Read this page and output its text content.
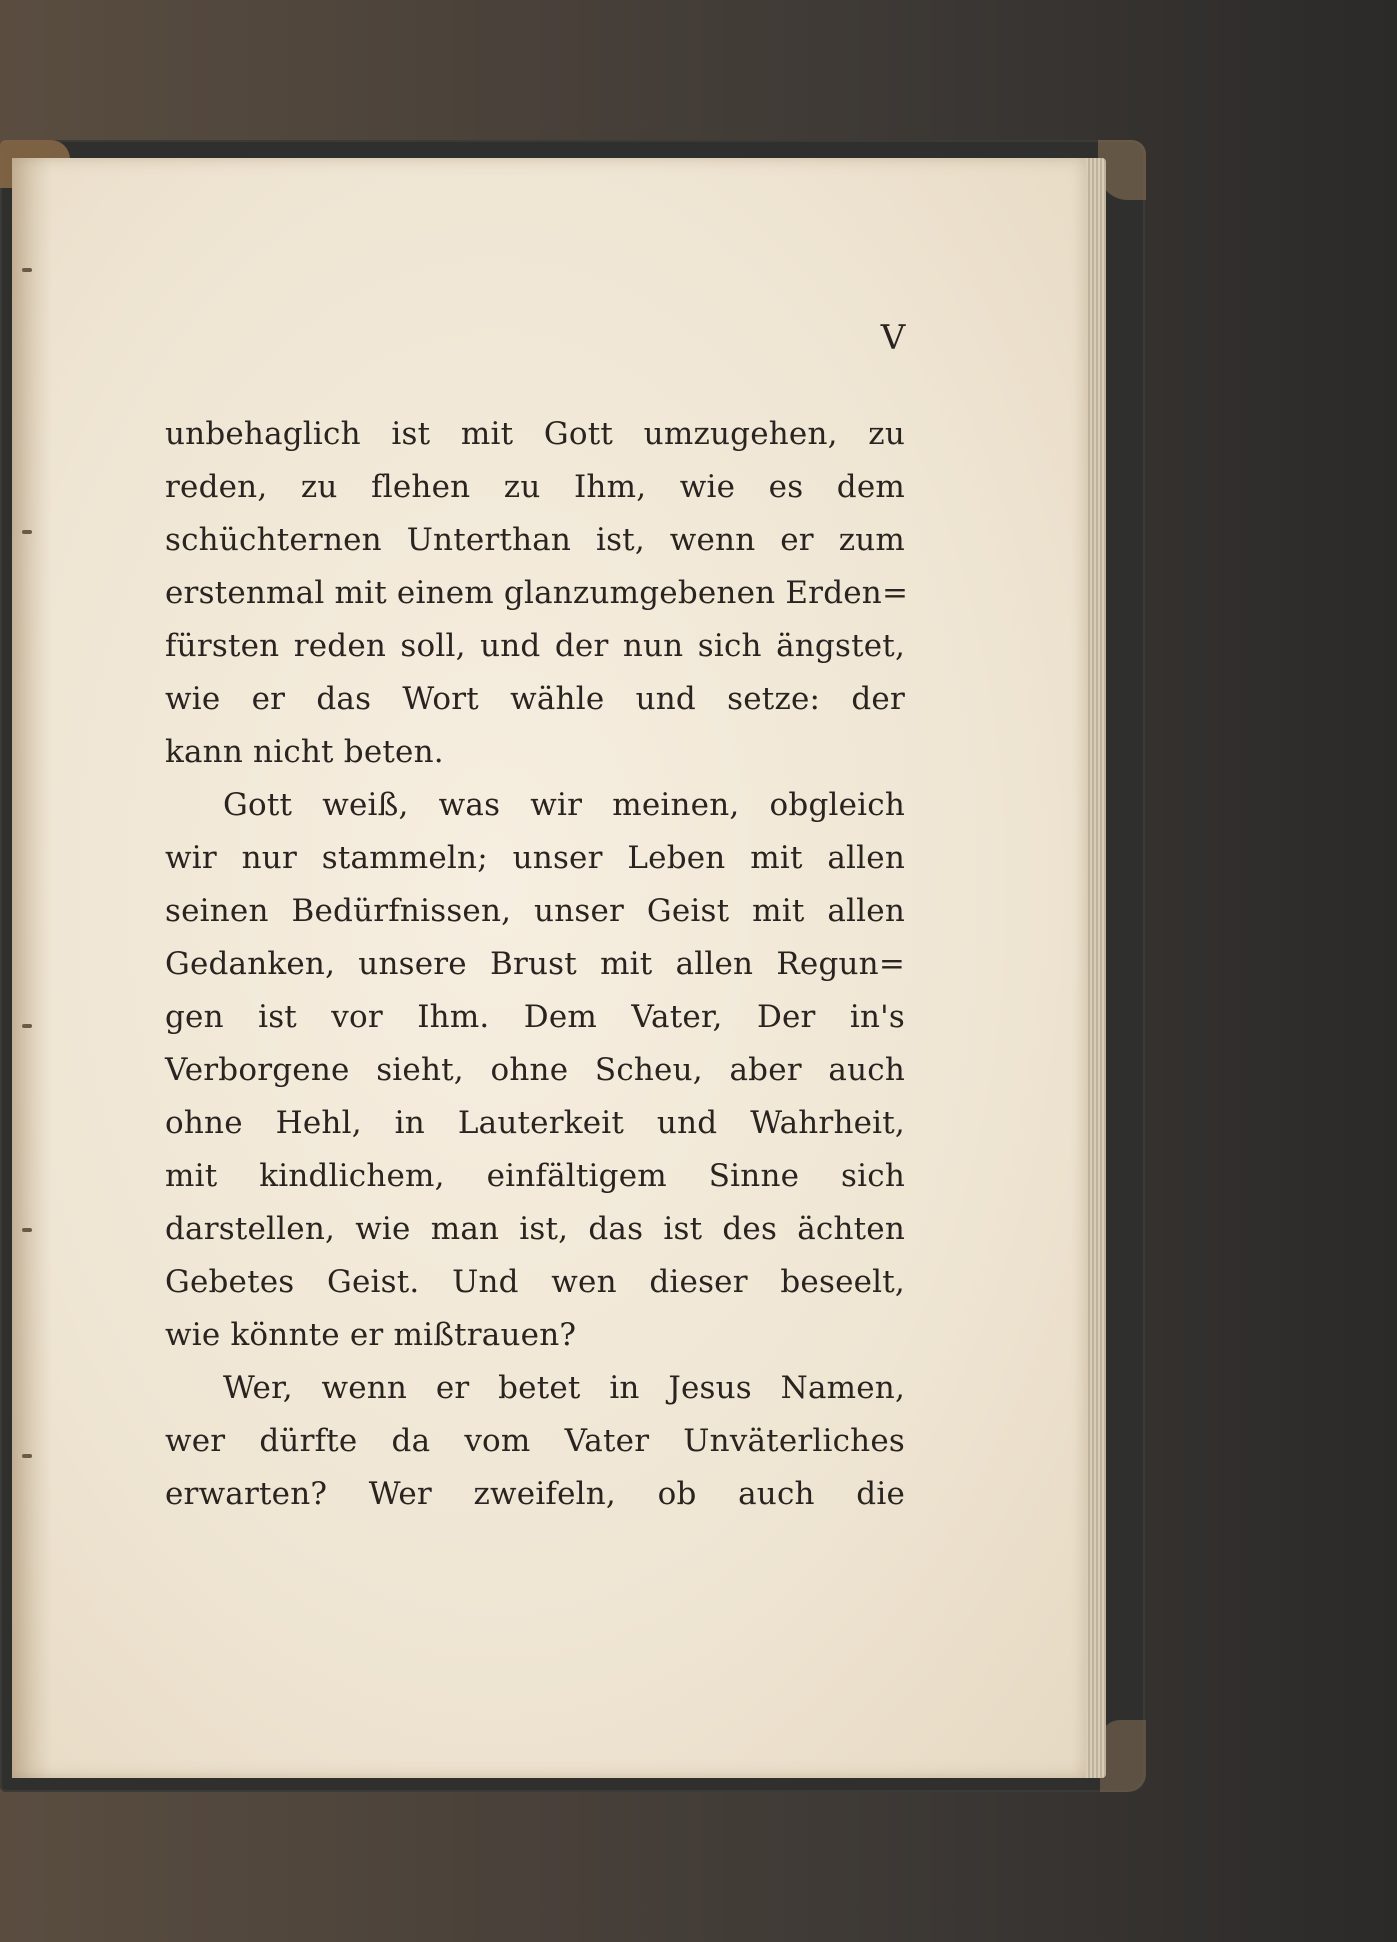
V
unbehaglich ist mit Gott umzugehen, zu
reden, zu flehen zu Ihm, wie es dem
schüchternen Unterthan ist, wenn er zum
erstenmal mit einem glanzumgebenen Erden=
fürsten reden soll, und der nun sich ängstet,
wie er das Wort wähle und setze: der
kann nicht beten.
Gott weiß, was wir meinen, obgleich
wir nur stammeln; unser Leben mit allen
seinen Bedürfnissen, unser Geist mit allen
Gedanken, unsere Brust mit allen Regun=
gen ist vor Ihm. Dem Vater, Der in's
Verborgene sieht, ohne Scheu, aber auch
ohne Hehl, in Lauterkeit und Wahrheit,
mit kindlichem, einfältigem Sinne sich
darstellen, wie man ist, das ist des ächten
Gebetes Geist. Und wen dieser beseelt,
wie könnte er mißtrauen?
Wer, wenn er betet in Jesus Namen,
wer dürfte da vom Vater Unväterliches
erwarten? Wer zweifeln, ob auch die
